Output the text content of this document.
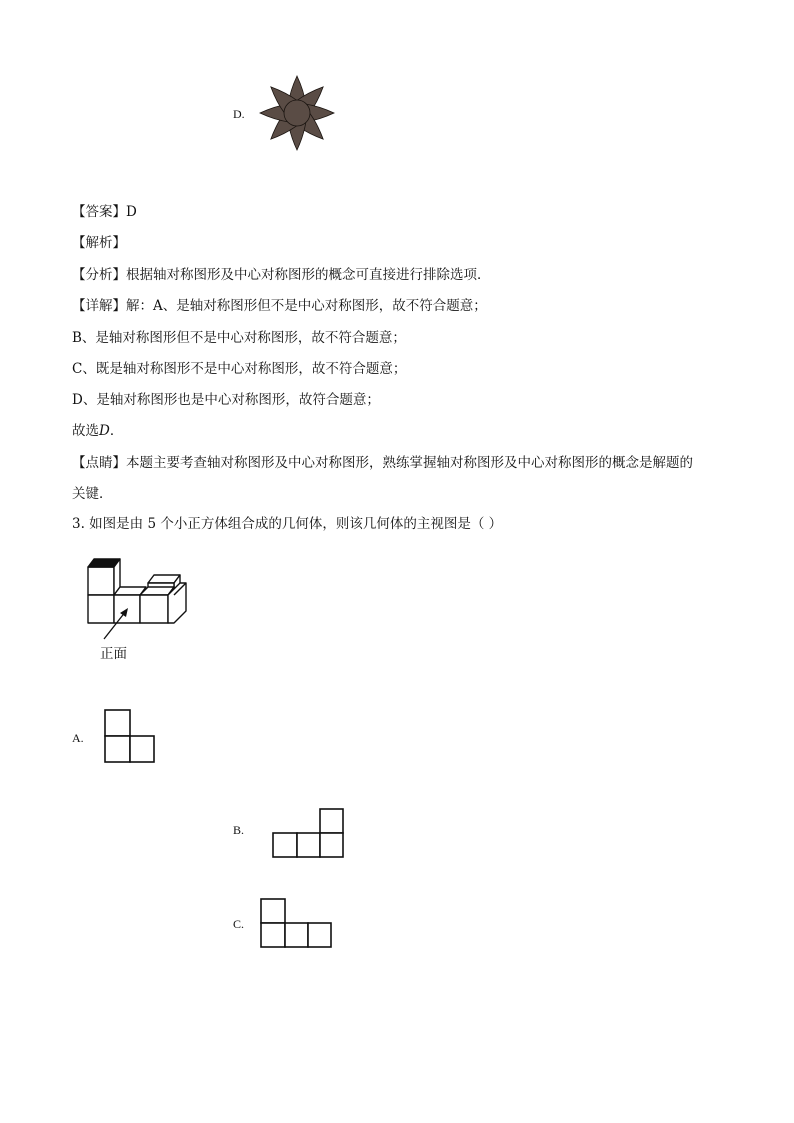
D.
【答案】D
【解析】
【分析】根据轴对称图形及中心对称图形的概念可直接进行排除选项．
【详解】解：A、是轴对称图形但不是中心对称图形，故不符合题意；
B、是轴对称图形但不是中心对称图形，故不符合题意；
C、既是轴对称图形不是中心对称图形，故不符合题意；
D、是轴对称图形也是中心对称图形，故符合题意；
故选D．
【点睛】本题主要考查轴对称图形及中心对称图形，熟练掌握轴对称图形及中心对称图形的概念是解题的
关键．
3. 如图是由 5 个小正方体组合成的几何体，则该几何体的主视图是（ ）
正面
A.
B.
C.
